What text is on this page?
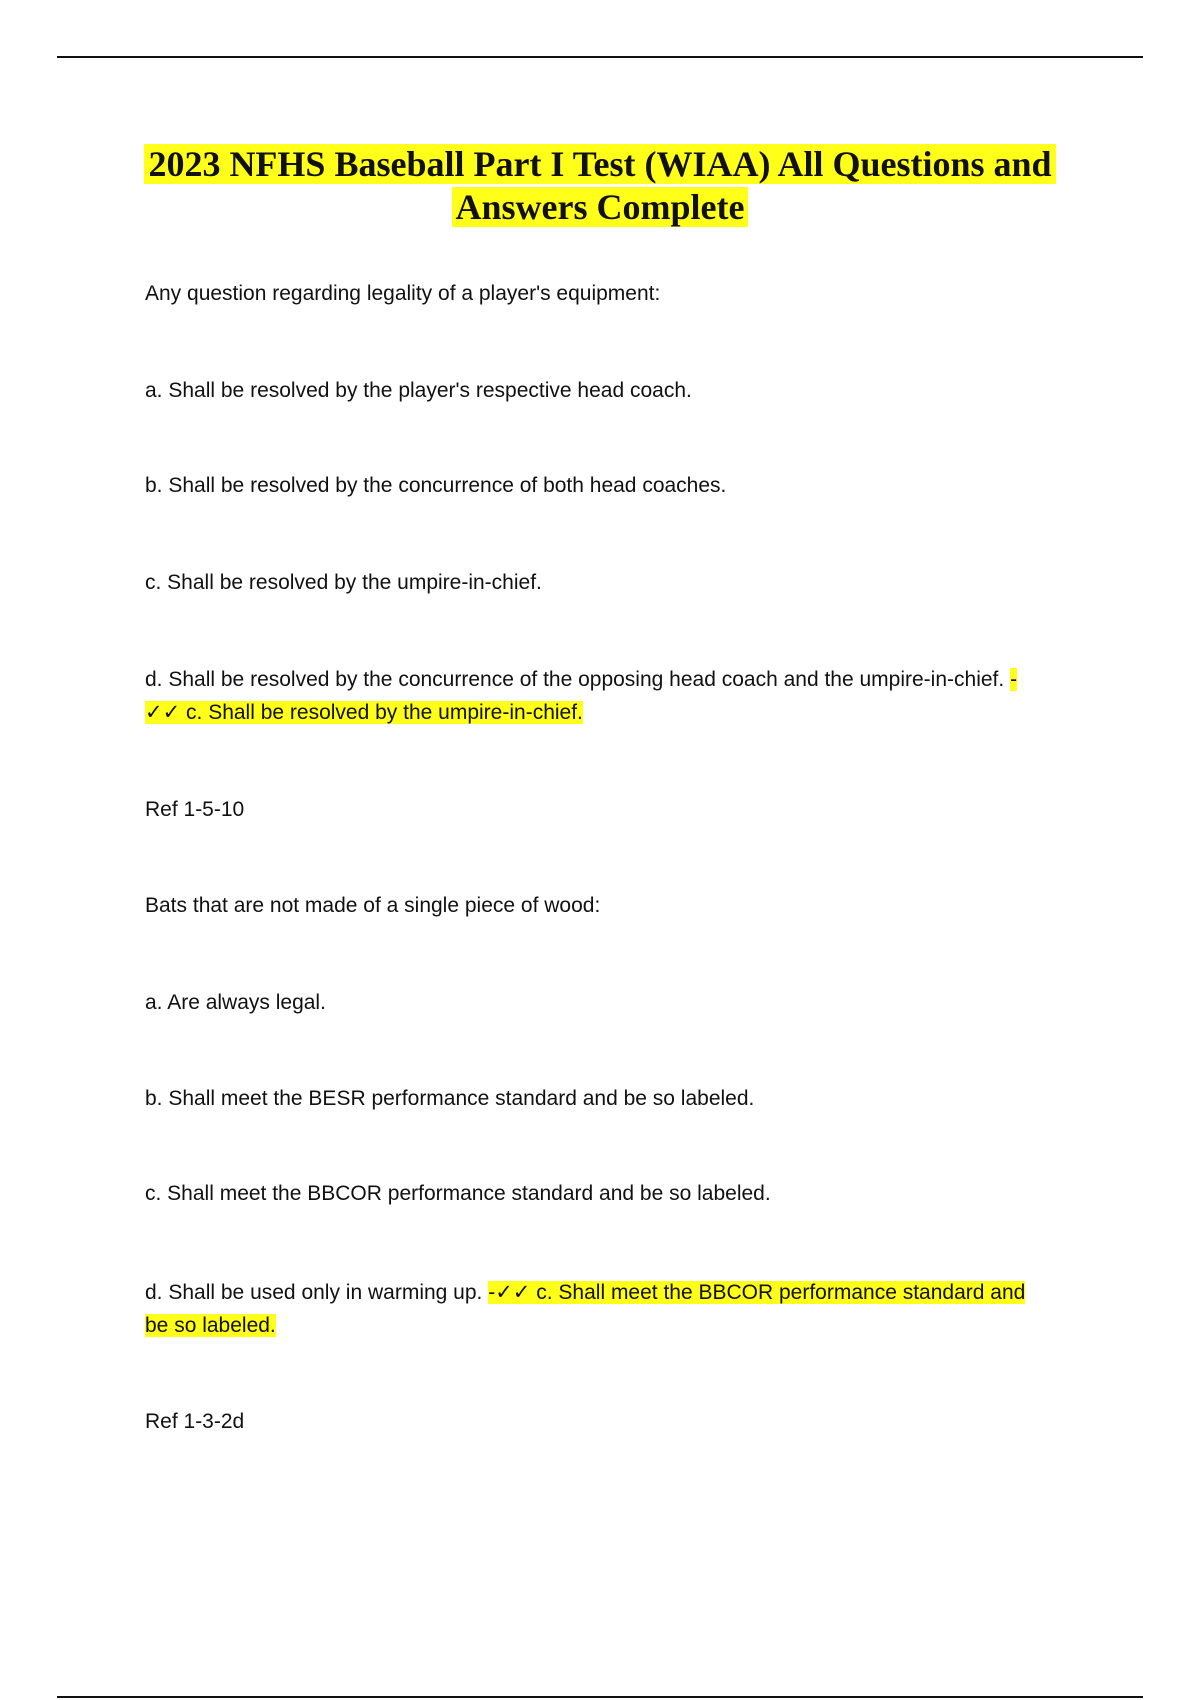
2023 NFHS Baseball Part I Test (WIAA) All Questions and
Answers Complete
Any question regarding legality of a player's equipment:
a. Shall be resolved by the player's respective head coach.
b. Shall be resolved by the concurrence of both head coaches.
c. Shall be resolved by the umpire-in-chief.
d. Shall be resolved by the concurrence of the opposing head coach and the umpire-in-chief. -
✓✓ c. Shall be resolved by the umpire-in-chief.
Ref 1-5-10
Bats that are not made of a single piece of wood:
a. Are always legal.
b. Shall meet the BESR performance standard and be so labeled.
c. Shall meet the BBCOR performance standard and be so labeled.
d. Shall be used only in warming up. -✓✓ c. Shall meet the BBCOR performance standard and
be so labeled.
Ref 1-3-2d
